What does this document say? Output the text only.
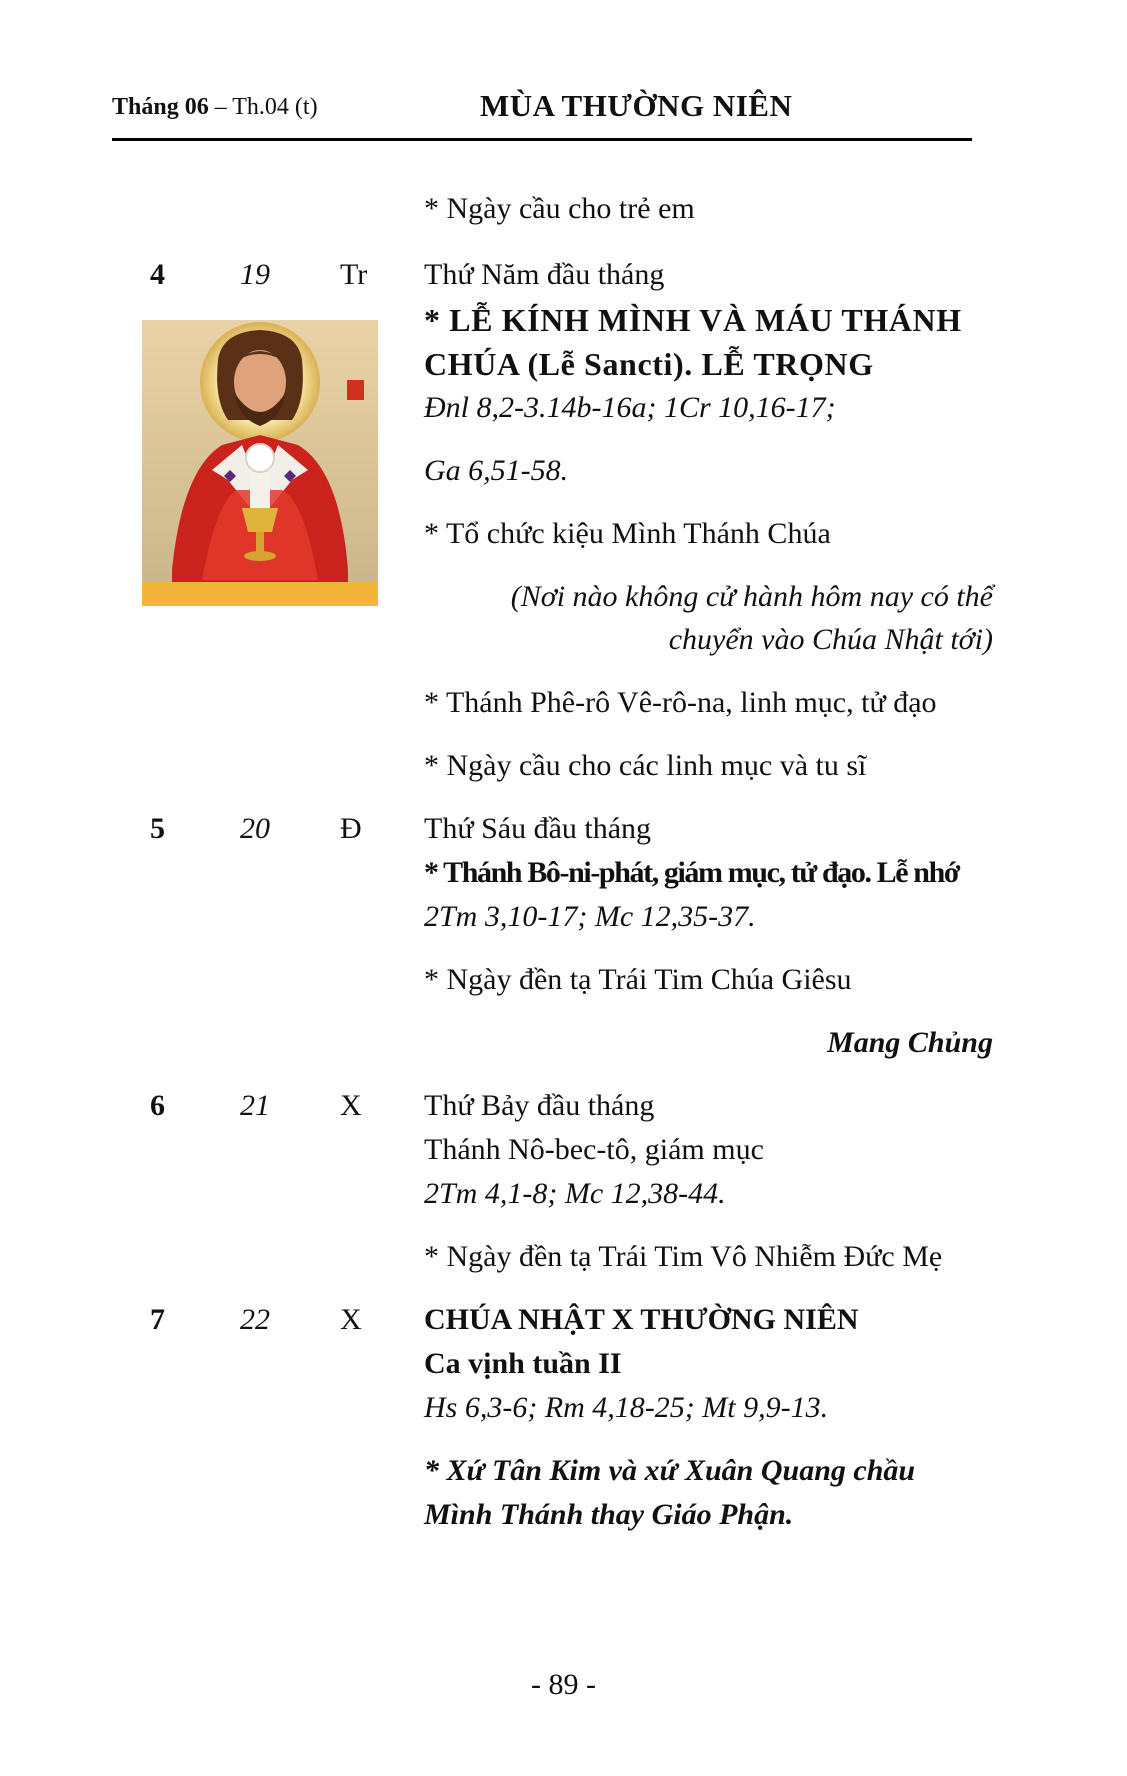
Tháng 06 – Th.04 (t)	MÙA THƯỜNG NIÊN
* Ngày cầu cho trẻ em
4	19 Tr Thứ Năm đầu tháng
* LỄ KÍNH MÌNH VÀ MÁU THÁNH
CHÚA (Lễ Sancti). LỄ TRỌNG
Đnl 8,2-3.14b-16a; 1Cr 10,16-17;
Ga 6,51-58.
* Tổ chức kiệu Mình Thánh Chúa
(Nơi nào không cử hành hôm nay có thể
chuyển vào Chúa Nhật tới)
* Thánh Phê-rô Vê-rô-na, linh mục, tử đạo
* Ngày cầu cho các linh mục và tu sĩ
5	20 Đ Thứ Sáu đầu tháng
* Thánh Bô-ni-phát, giám mục, tử đạo. Lễ nhớ
2Tm 3,10-17; Mc 12,35-37.
* Ngày đền tạ Trái Tim Chúa Giêsu
Mang Chủng
6	21 X Thứ Bảy đầu tháng
Thánh Nô-bec-tô, giám mục
2Tm 4,1-8; Mc 12,38-44.
* Ngày đền tạ Trái Tim Vô Nhiễm Đức Mẹ
7	22 X CHÚA NHẬT X THƯỜNG NIÊN
Ca vịnh tuần II
Hs 6,3-6; Rm 4,18-25; Mt 9,9-13.
* Xứ Tân Kim và xứ Xuân Quang chầu
Mình Thánh thay Giáo Phận.
- 89 -
